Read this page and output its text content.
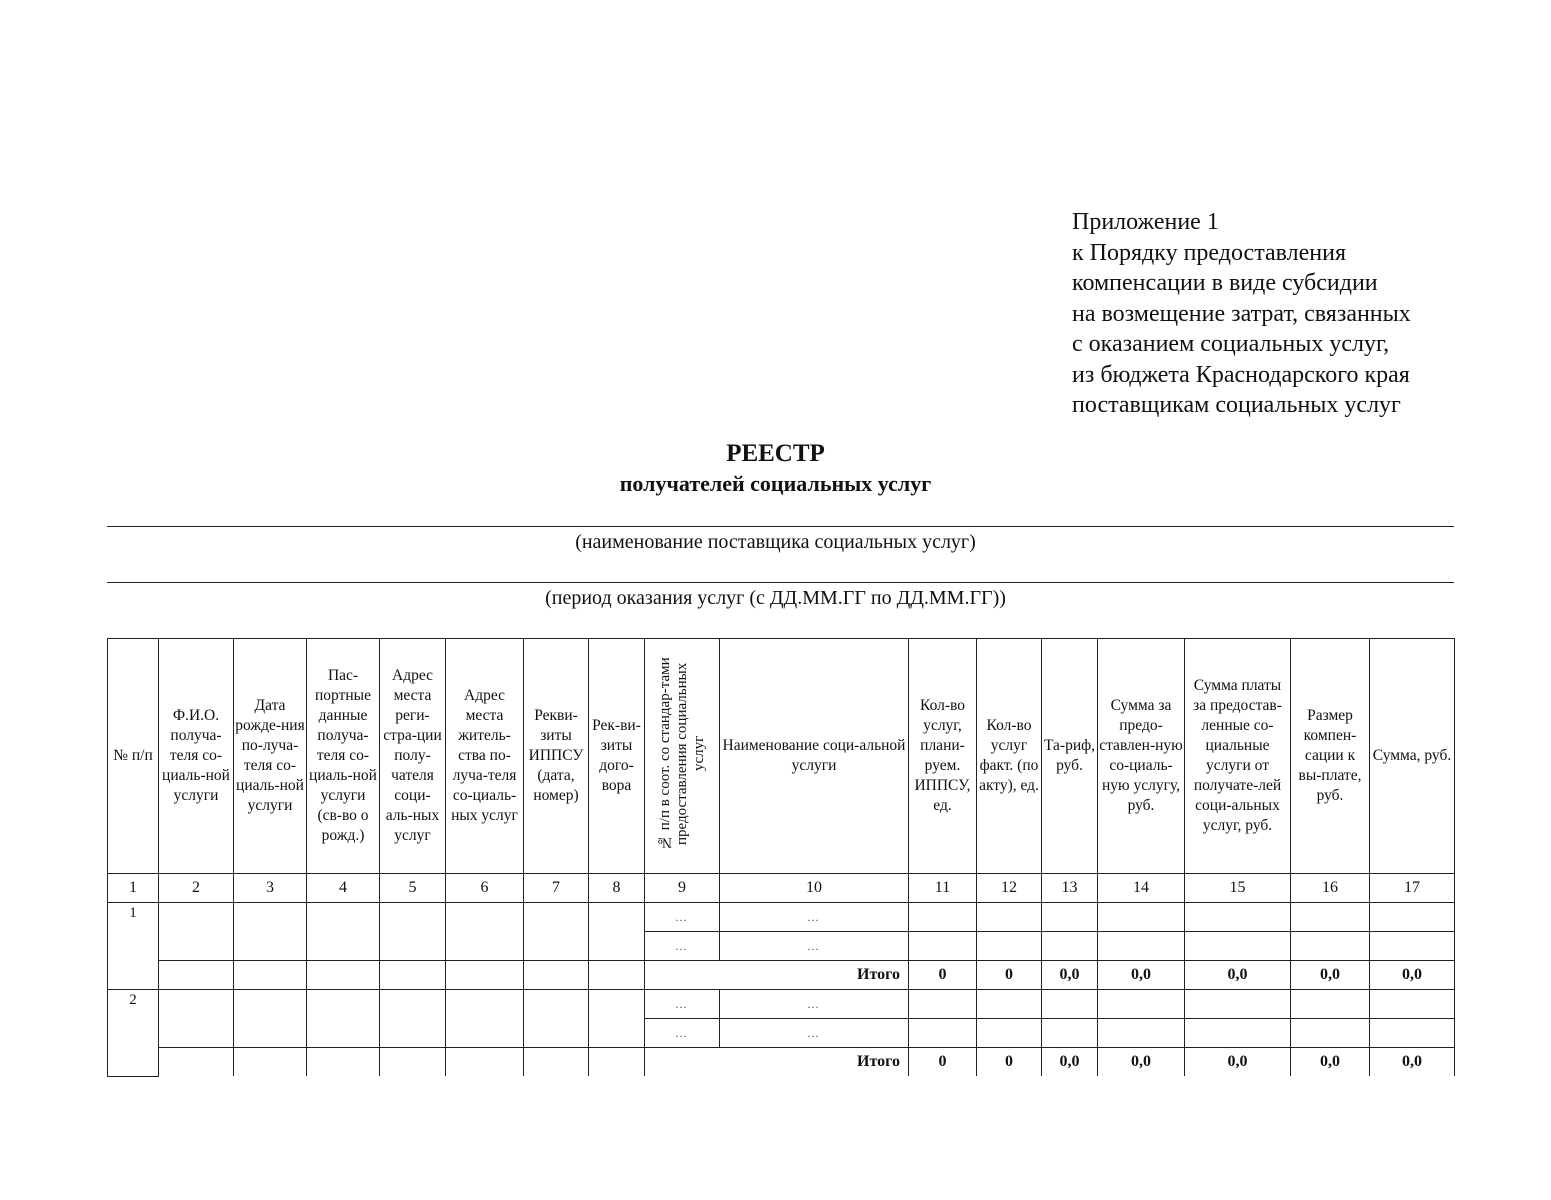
Приложение 1
к Порядку предоставления
компенсации в виде субсидии
на возмещение затрат, связанных
с оказанием социальных услуг,
из бюджета Краснодарского края
поставщикам социальных услуг
РЕЕСТР
получателей социальных услуг
(наименование поставщика социальных услуг)
(период оказания услуг (с ДД.ММ.ГГ по ДД.ММ.ГГ))
№ п/п	Ф.И.О. получа-теля со-циаль-ной услуги	Дата рожде-ния по-луча-теля со-циаль-ной услуги	Пас-портные данные получа-теля со-циаль-ной услуги (св-во о рожд.)	Адрес места реги-стра-ции полу-чателя соци-аль-ных услуг	Адрес места житель-ства по-луча-теля со-циаль-ных услуг	Рекви-зиты ИППСУ (дата, номер)	Рек-ви-зиты дого-вора	№ п/п в соот. со стандар-тами предоставления социальных услуг	Наименование соци-альной услуги	Кол-во услуг, плани-руем. ИППСУ, ед.	Кол-во услуг факт. (по акту), ед.	Та-риф, руб.	Сумма за предо-ставлен-ную со-циаль-ную услугу, руб.	Сумма платы за предостав-ленные со-циальные услуги от получате-лей соци-альных услуг, руб.	Размер компен-сации к вы-плате, руб.	Сумма, руб.
1	2	3	4	5	6	7	8	9	10	11	12	13	14	15	16	17
1								…	…							
								…	…							
								Итого		0	0	0,0	0,0	0,0	0,0	0,0
2								…	…							
								…	…							
								Итого		0	0	0,0	0,0	0,0	0,0	0,0
